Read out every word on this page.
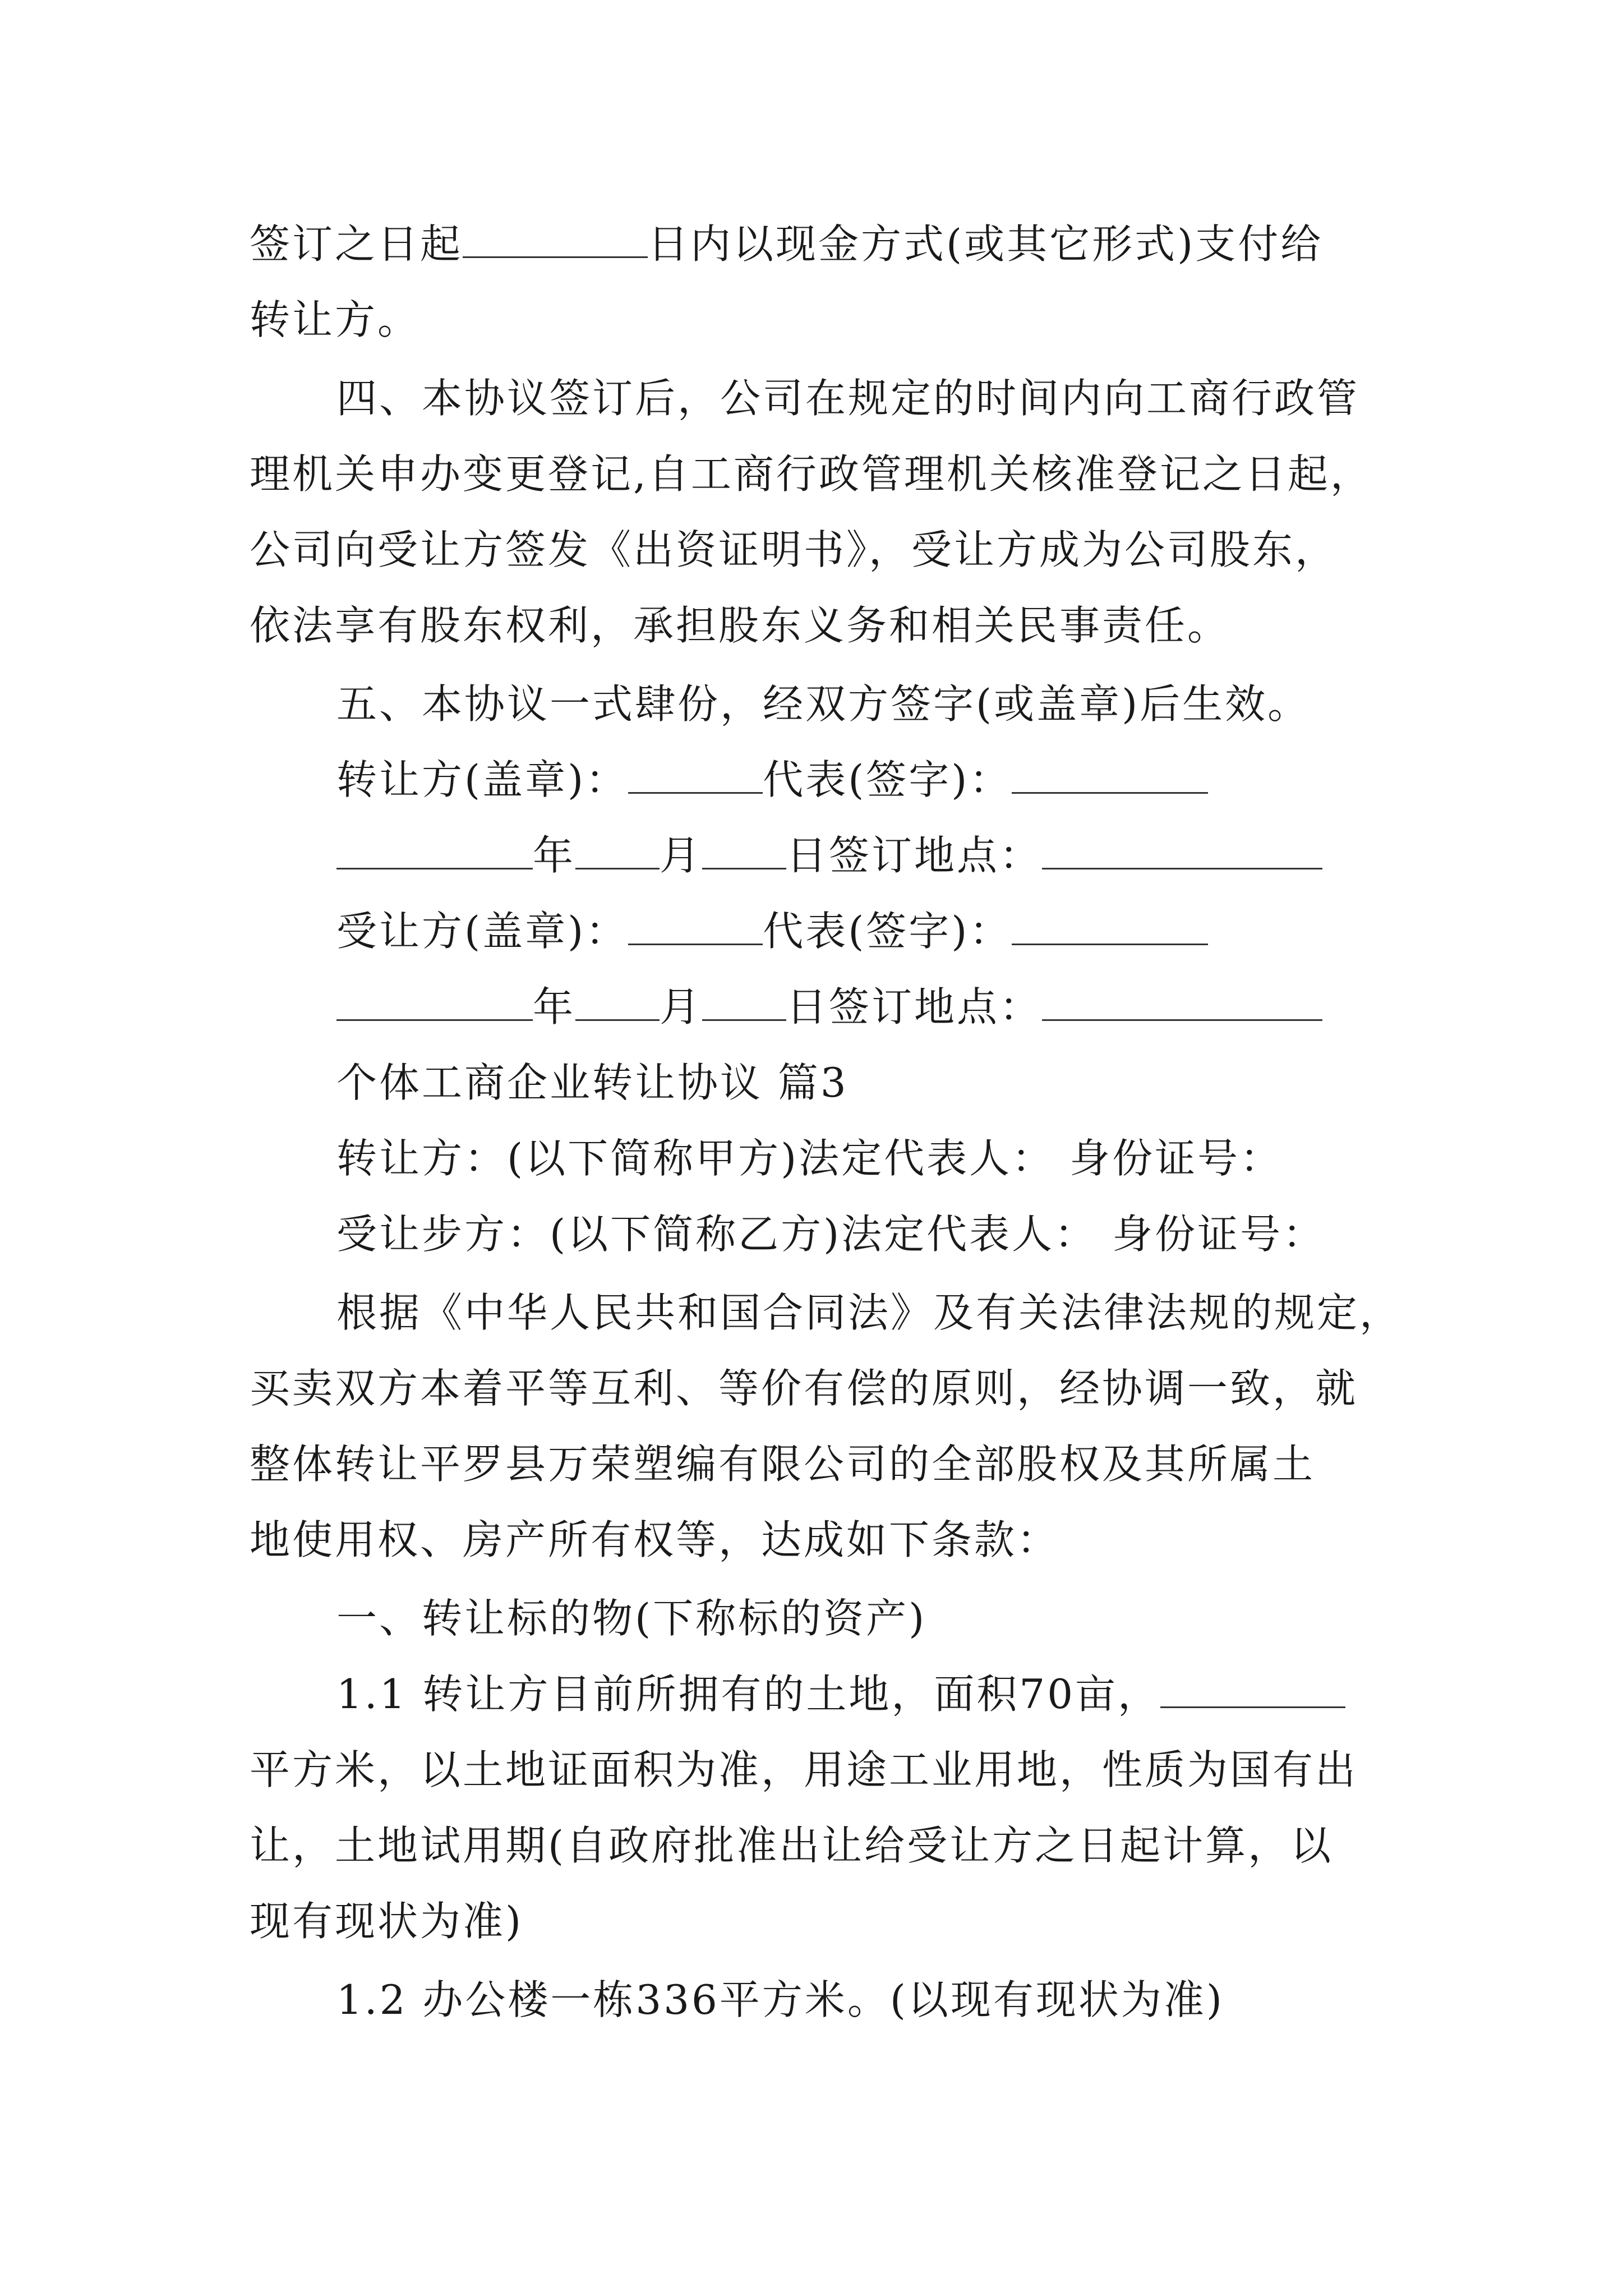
签订之日起	日内以现金方式(或其它形式)支付给
转让方。
四、本协议签订后，公司在规定的时间内向工商行政管
理机关申办变更登记,自工商行政管理机关核准登记之日起，
公司向受让方签发《出资证明书》，受让方成为公司股东，
依法享有股东权利，承担股东义务和相关民事责任。
五、本协议一式肆份，经双方签字(或盖章)后生效。
转让方(盖章)：	代表(签字)：
年 月 日签订地点：
受让方(盖章)：	代表(签字)：
年 月 日签订地点：
个体工商企业转让协议 篇3
转让方：(以下简称甲方)法定代表人： 身份证号：
受让步方：(以下简称乙方)法定代表人： 身份证号：
根据《中华人民共和国合同法》及有关法律法规的规定，
买卖双方本着平等互利、等价有偿的原则，经协调一致，就
整体转让平罗县万荣塑编有限公司的全部股权及其所属土
地使用权、房产所有权等，达成如下条款：
一、转让标的物(下称标的资产)
1.1 转让方目前所拥有的土地，面积70亩，
平方米，以土地证面积为准，用途工业用地，性质为国有出
让，土地试用期(自政府批准出让给受让方之日起计算，以
现有现状为准)
1.2 办公楼一栋336平方米。(以现有现状为准)
